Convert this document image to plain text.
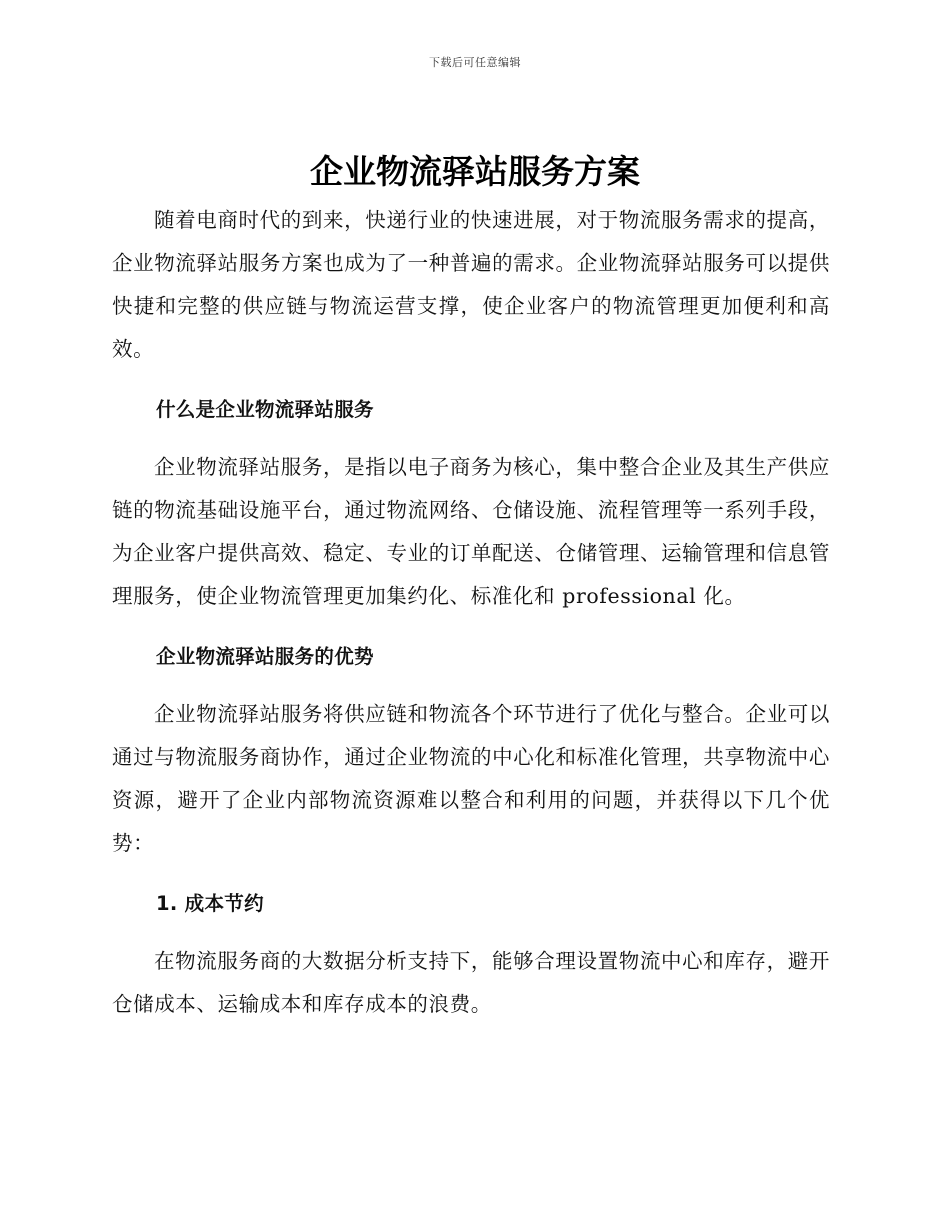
下载后可任意编辑
企业物流驿站服务方案

随着电商时代的到来，快递行业的快速进展，对于物流服务需求的提高，企业物流驿站服务方案也成为了一种普遍的需求。企业物流驿站服务可以提供快捷和完整的供应链与物流运营支撑，使企业客户的物流管理更加便利和高效。

什么是企业物流驿站服务

企业物流驿站服务，是指以电子商务为核心，集中整合企业及其生产供应链的物流基础设施平台，通过物流网络、仓储设施、流程管理等一系列手段，为企业客户提供高效、稳定、专业的订单配送、仓储管理、运输管理和信息管理服务，使企业物流管理更加集约化、标准化和 professional 化。

企业物流驿站服务的优势

企业物流驿站服务将供应链和物流各个环节进行了优化与整合。企业可以通过与物流服务商协作，通过企业物流的中心化和标准化管理，共享物流中心资源，避开了企业内部物流资源难以整合和利用的问题，并获得以下几个优势：

1. 成本节约

在物流服务商的大数据分析支持下，能够合理设置物流中心和库存，避开仓储成本、运输成本和库存成本的浪费。
